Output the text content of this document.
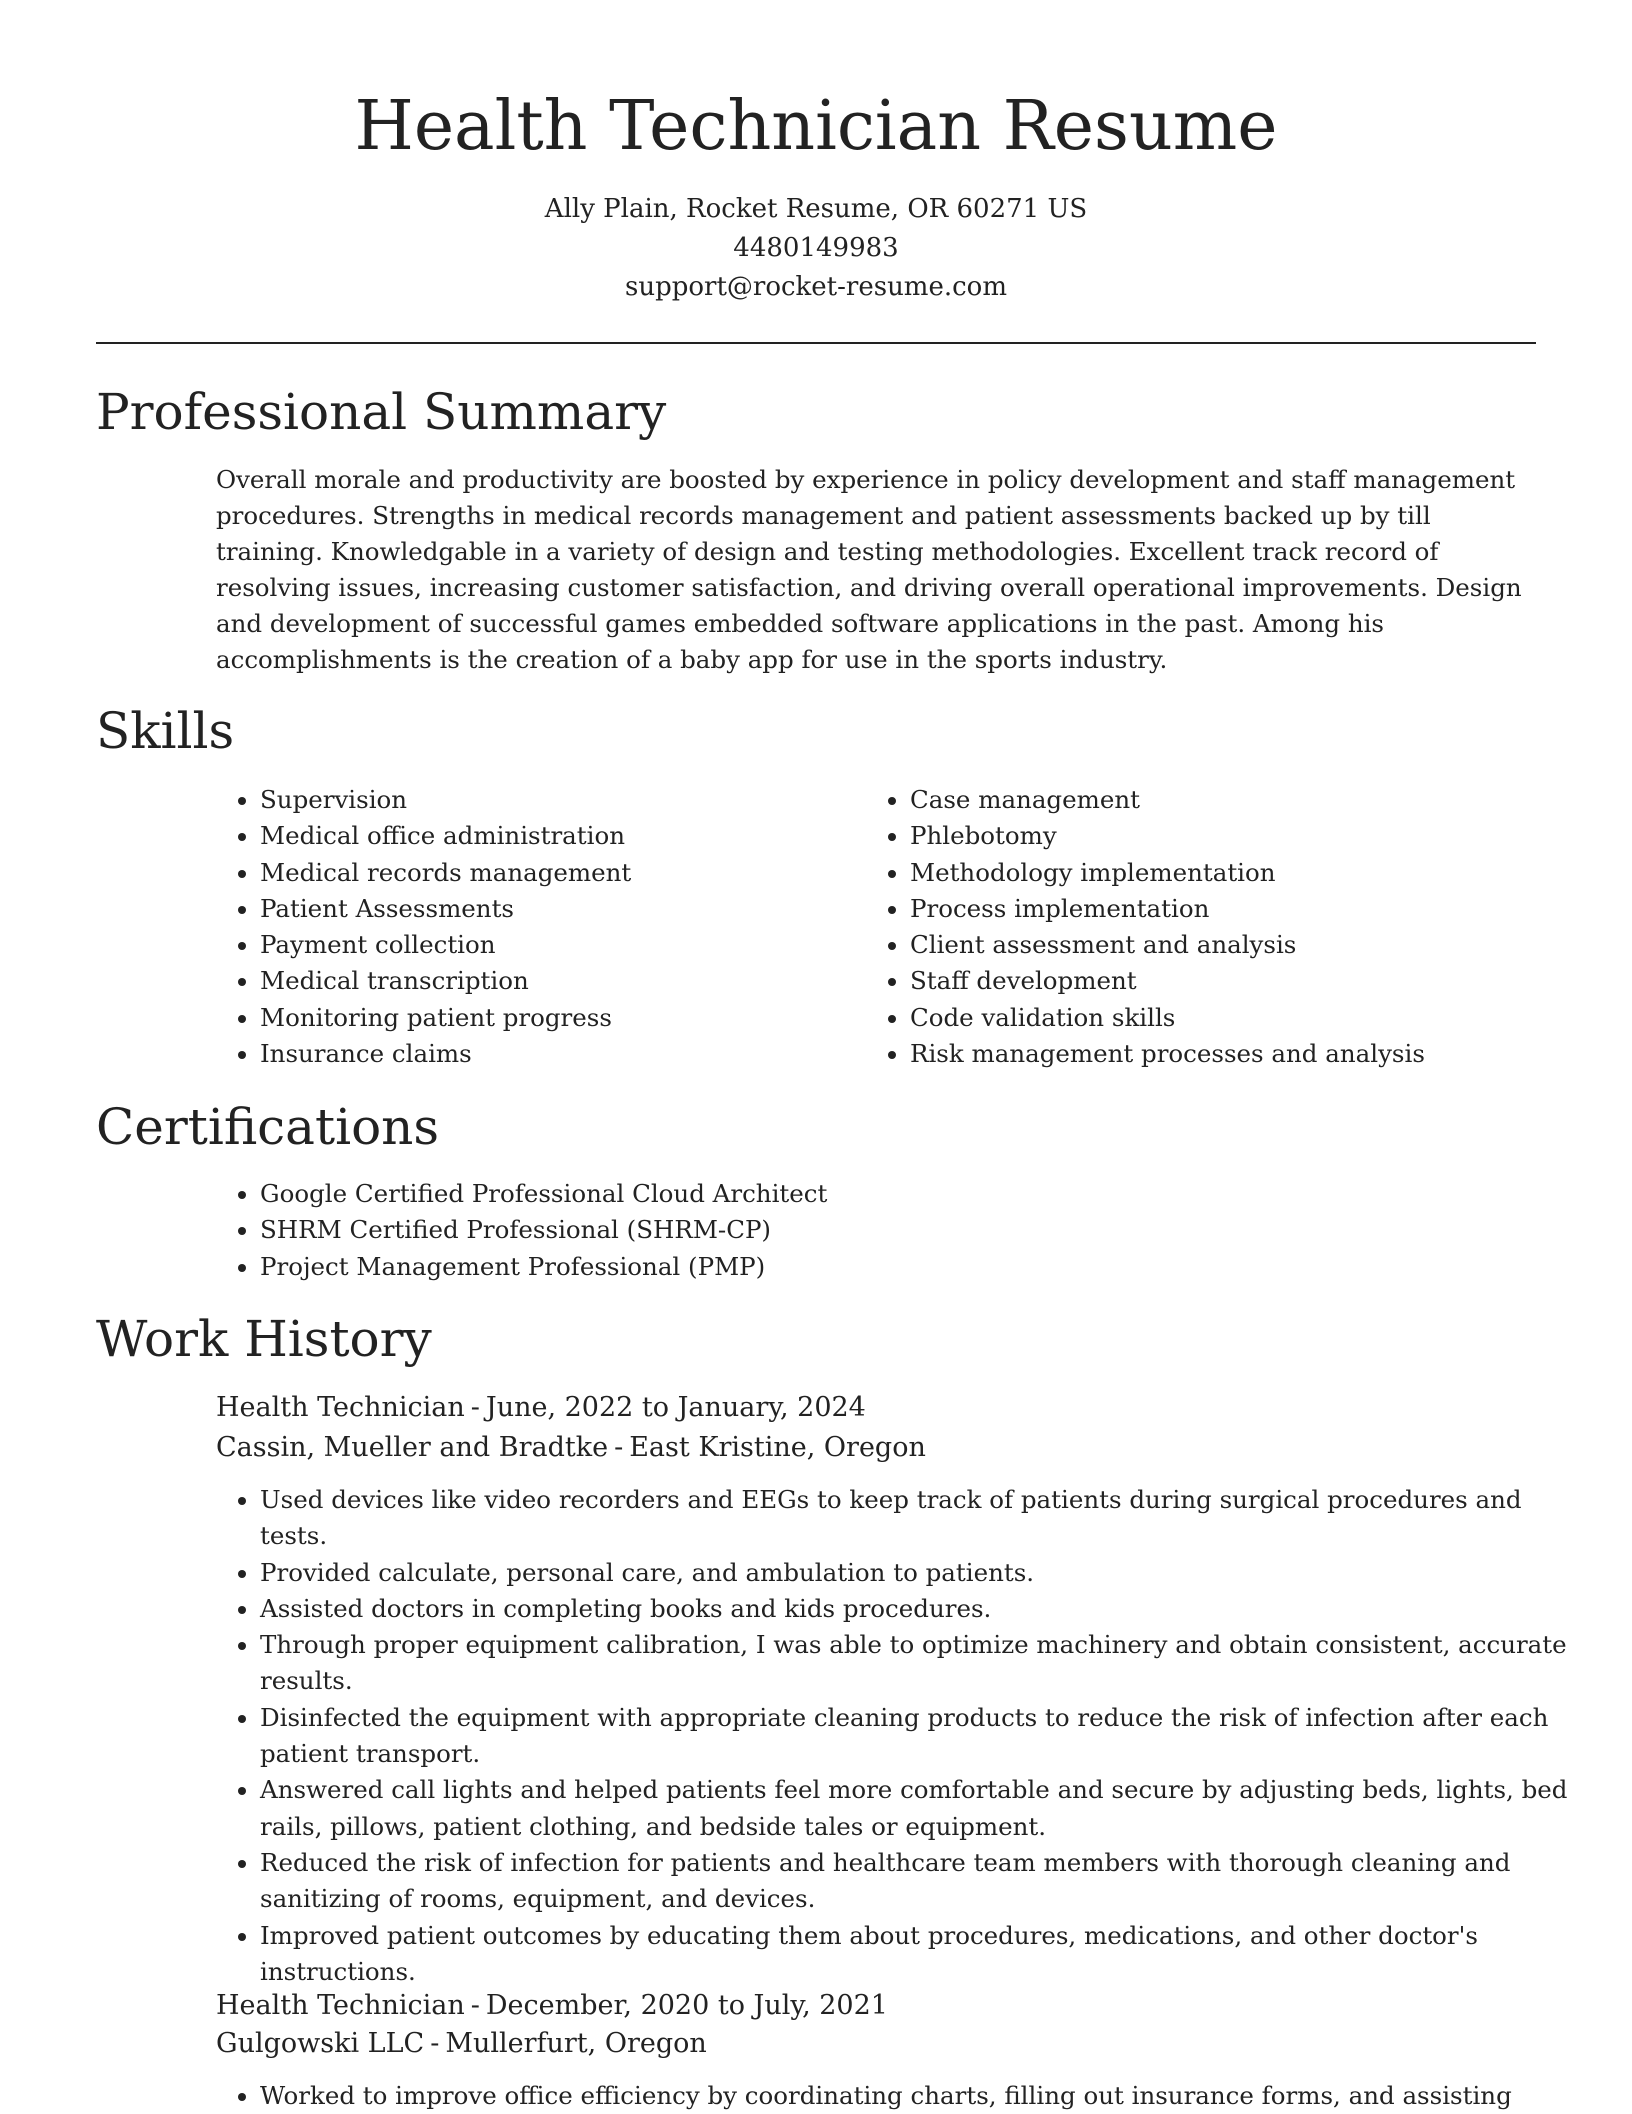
Health Technician Resume
Ally Plain, Rocket Resume, OR 60271 US
4480149983
support@rocket-resume.com
Professional Summary

Overall morale and productivity are boosted by experience in policy development and staff management procedures. Strengths in medical records management and patient assessments backed up by till training. Knowledgable in a variety of design and testing methodologies. Excellent track record of resolving issues, increasing customer satisfaction, and driving overall operational improvements. Design and development of successful games embedded software applications in the past. Among his accomplishments is the creation of a baby app for use in the sports industry.

Skills
• Supervision
• Medical office administration
• Medical records management
• Patient Assessments
• Payment collection
• Medical transcription
• Monitoring patient progress
• Insurance claims
• Case management
• Phlebotomy
• Methodology implementation
• Process implementation
• Client assessment and analysis
• Staff development
• Code validation skills
• Risk management processes and analysis
Certifications
• Google Certified Professional Cloud Architect
• SHRM Certified Professional (SHRM-CP)
• Project Management Professional (PMP)
Work History
Health Technician - June, 2022 to January, 2024
Cassin, Mueller and Bradtke - East Kristine, Oregon
• Used devices like video recorders and EEGs to keep track of patients during surgical procedures and tests.
• Provided calculate, personal care, and ambulation to patients.
• Assisted doctors in completing books and kids procedures.
• Through proper equipment calibration, I was able to optimize machinery and obtain consistent, accurate results.
• Disinfected the equipment with appropriate cleaning products to reduce the risk of infection after each patient transport.
• Answered call lights and helped patients feel more comfortable and secure by adjusting beds, lights, bed rails, pillows, patient clothing, and bedside tales or equipment.
• Reduced the risk of infection for patients and healthcare team members with thorough cleaning and sanitizing of rooms, equipment, and devices.
• Improved patient outcomes by educating them about procedures, medications, and other doctor's instructions.
Health Technician - December, 2020 to July, 2021
Gulgowski LLC - Mullerfurt, Oregon
• Worked to improve office efficiency by coordinating charts, filling out insurance forms, and assisting
